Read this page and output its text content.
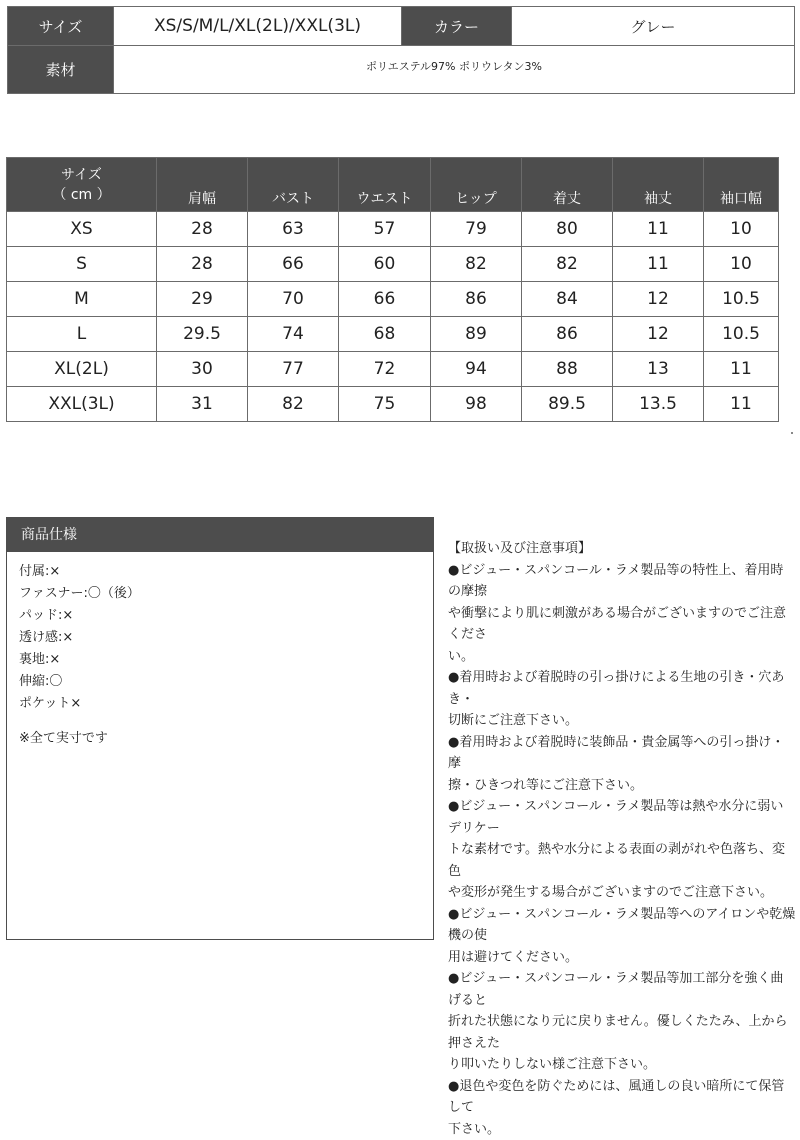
サイズ	XS/S/M/L/XL(2L)/XXL(3L)	カラー	グレー
素材	ポリエステル97% ポリウレタン3%		
サイズ
（ cm ）	肩幅	バスト	ウエスト	ヒップ	着丈	袖丈	袖口幅
XS	28	63	57	79	80	11	10
S	28	66	60	82	82	11	10
M	29	70	66	86	84	12	10.5
L	29.5	74	68	89	86	12	10.5
XL(2L)	30	77	72	94	88	13	11
XXL(3L)	31	82	75	98	89.5	13.5	11
商品仕様
付属:×
ファスナー:〇（後）
パッド:×
透け感:×
裏地:×
伸縮:〇
ポケット×
※全て実寸です
【取扱い及び注意事項】
●ビジュー・スパンコール・ラメ製品等の特性上、着用時の摩擦
や衝撃により肌に刺激がある場合がございますのでご注意くださ
い。
●着用時および着脱時の引っ掛けによる生地の引き・穴あき・
切断にご注意下さい。
●着用時および着脱時に装飾品・貴金属等への引っ掛け・摩
擦・ひきつれ等にご注意下さい。
●ビジュー・スパンコール・ラメ製品等は熱や水分に弱いデリケー
トな素材です。熱や水分による表面の剥がれや色落ち、変色
や変形が発生する場合がございますのでご注意下さい。
●ビジュー・スパンコール・ラメ製品等へのアイロンや乾燥機の使
用は避けてください。
●ビジュー・スパンコール・ラメ製品等加工部分を強く曲げると
折れた状態になり元に戻りません。優しくたたみ、上から押さえた
り叩いたりしない様ご注意下さい。
●退色や変色を防ぐためには、風通しの良い暗所にて保管して
下さい。
